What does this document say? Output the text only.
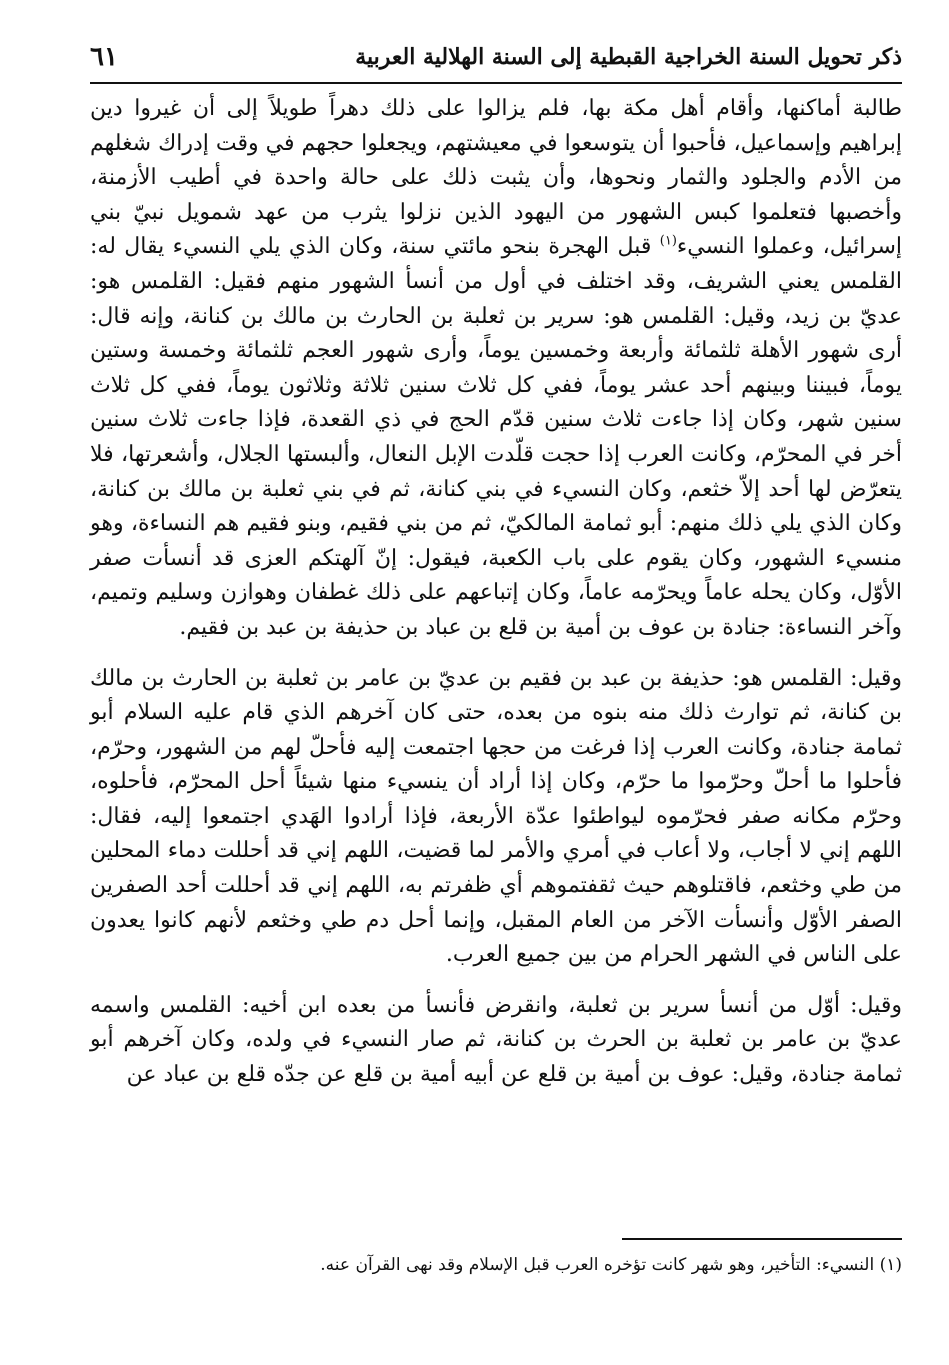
ذكر تحويل السنة الخراجية القبطية إلى السنة الهلالية العربية
٦١

طالبة أماكنها، وأقام أهل مكة بها، فلم يزالوا على ذلك دهراً طويلاً إلى أن غيروا دين إبراهيم وإسماعيل، فأحبوا أن يتوسعوا في معيشتهم، ويجعلوا حجهم في وقت إدراك شغلهم من الأدم والجلود والثمار ونحوها، وأن يثبت ذلك على حالة واحدة في أطيب الأزمنة، وأخصبها فتعلموا كبس الشهور من اليهود الذين نزلوا يثرب من عهد شمويل نبيّ بني إسرائيل، وعملوا النسيء$^{(١)}$ قبل الهجرة بنحو مائتي سنة، وكان الذي يلي النسيء يقال له: القلمس يعني الشريف، وقد اختلف في أول من أنسأ الشهور منهم فقيل: القلمس هو: عديّ بن زيد، وقيل: القلمس هو: سرير بن ثعلبة بن الحارث بن مالك بن كنانة، وإنه قال: أرى شهور الأهلة ثلثمائة وأربعة وخمسين يوماً، وأرى شهور العجم ثلثمائة وخمسة وستين يوماً، فبيننا وبينهم أحد عشر يوماً، ففي كل ثلاث سنين ثلاثة وثلاثون يوماً، ففي كل ثلاث سنين شهر، وكان إذا جاءت ثلاث سنين قدّم الحج في ذي القعدة، فإذا جاءت ثلاث سنين أخر في المحرّم، وكانت العرب إذا حجت قلّدت الإبل النعال، وألبستها الجلال، وأشعرتها، فلا يتعرّض لها أحد إلاّ خثعم، وكان النسيء في بني كنانة، ثم في بني ثعلبة بن مالك بن كنانة، وكان الذي يلي ذلك منهم: أبو ثمامة المالكيّ، ثم من بني فقيم، وبنو فقيم هم النساءة، وهو منسيء الشهور، وكان يقوم على باب الكعبة، فيقول: إنّ آلهتكم العزى قد أنسأت صفر الأوّل، وكان يحله عاماً ويحرّمه عاماً، وكان إتباعهم على ذلك غطفان وهوازن وسليم وتميم، وآخر النساءة: جنادة بن عوف بن أمية بن قلع بن عباد بن حذيفة بن عبد بن فقيم.

وقيل: القلمس هو: حذيفة بن عبد بن فقيم بن عديّ بن عامر بن ثعلبة بن الحارث بن مالك بن كنانة، ثم توارث ذلك منه بنوه من بعده، حتى كان آخرهم الذي قام عليه السلام أبو ثمامة جنادة، وكانت العرب إذا فرغت من حجها اجتمعت إليه فأحلّ لهم من الشهور، وحرّم، فأحلوا ما أحلّ وحرّموا ما حرّم، وكان إذا أراد أن ينسيء منها شيئاً أحل المحرّم، فأحلوه، وحرّم مكانه صفر فحرّموه ليواطئوا عدّة الأربعة، فإذا أرادوا الهَدي اجتمعوا إليه، فقال: اللهم إني لا أجاب، ولا أعاب في أمري والأمر لما قضيت، اللهم إني قد أحللت دماء المحلين من طي وخثعم، فاقتلوهم حيث ثقفتموهم أي ظفرتم به، اللهم إني قد أحللت أحد الصفرين الصفر الأوّل وأنسأت الآخر من العام المقبل، وإنما أحل دم طي وخثعم لأنهم كانوا يعدون على الناس في الشهر الحرام من بين جميع العرب.

وقيل: أوّل من أنسأ سرير بن ثعلبة، وانقرض فأنسأ من بعده ابن أخيه: القلمس واسمه عديّ بن عامر بن ثعلبة بن الحرث بن كنانة، ثم صار النسيء في ولده، وكان آخرهم أبو ثمامة جنادة، وقيل: عوف بن أمية بن قلع عن أبيه أمية بن قلع عن جدّه قلع بن عباد عن

(١) النسيء: التأخير، وهو شهر كانت تؤخره العرب قبل الإسلام وقد نهى القرآن عنه.
